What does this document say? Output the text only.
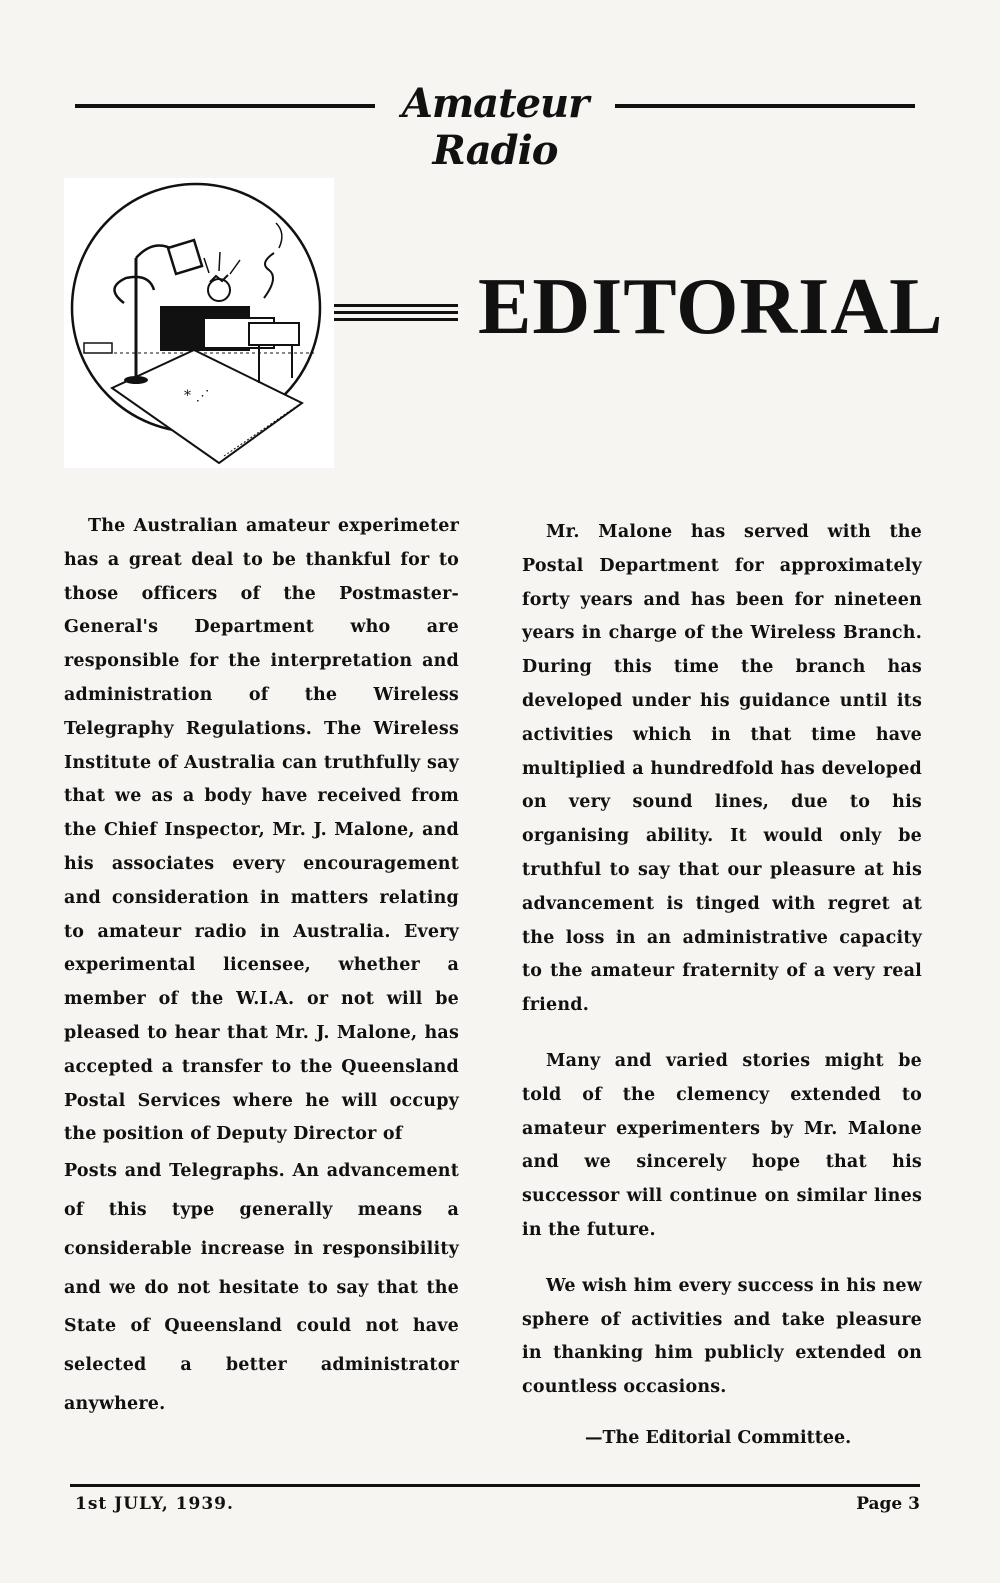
Amateur Radio
* ⋰
EDITORIAL

The Australian amateur experimeter has a great deal to be thankful for to those officers of the Postmaster-General's Department who are responsible for the interpretation and administration of the Wireless Telegraphy Regulations. The Wireless Institute of Australia can truthfully say that we as a body have received from the Chief Inspector, Mr. J. Malone, and his associates every encouragement and consideration in matters relating to amateur radio in Australia. Every experimental licensee, whether a member of the W.I.A. or not will be pleased to hear that Mr. J. Malone, has accepted a transfer to the Queensland Postal Services where he will occupy the position of Deputy Director of

Posts and Telegraphs. An advancement of this type generally means a considerable increase in responsibility and we do not hesitate to say that the State of Queensland could not have selected a better administrator anywhere.

Mr. Malone has served with the Postal Department for approximately forty years and has been for nineteen years in charge of the Wireless Branch. During this time the branch has developed under his guidance until its activities which in that time have multiplied a hundredfold has developed on very sound lines, due to his organising ability. It would only be truthful to say that our pleasure at his advancement is tinged with regret at the loss in an administrative capacity to the amateur fraternity of a very real friend.

Many and varied stories might be told of the clemency extended to amateur experimenters by Mr. Malone and we sincerely hope that his successor will continue on similar lines in the future.

We wish him every success in his new sphere of activities and take pleasure in thanking him publicly extended on countless occasions.

—The Editorial Committee.
1st JULY, 1939.	Page 3
